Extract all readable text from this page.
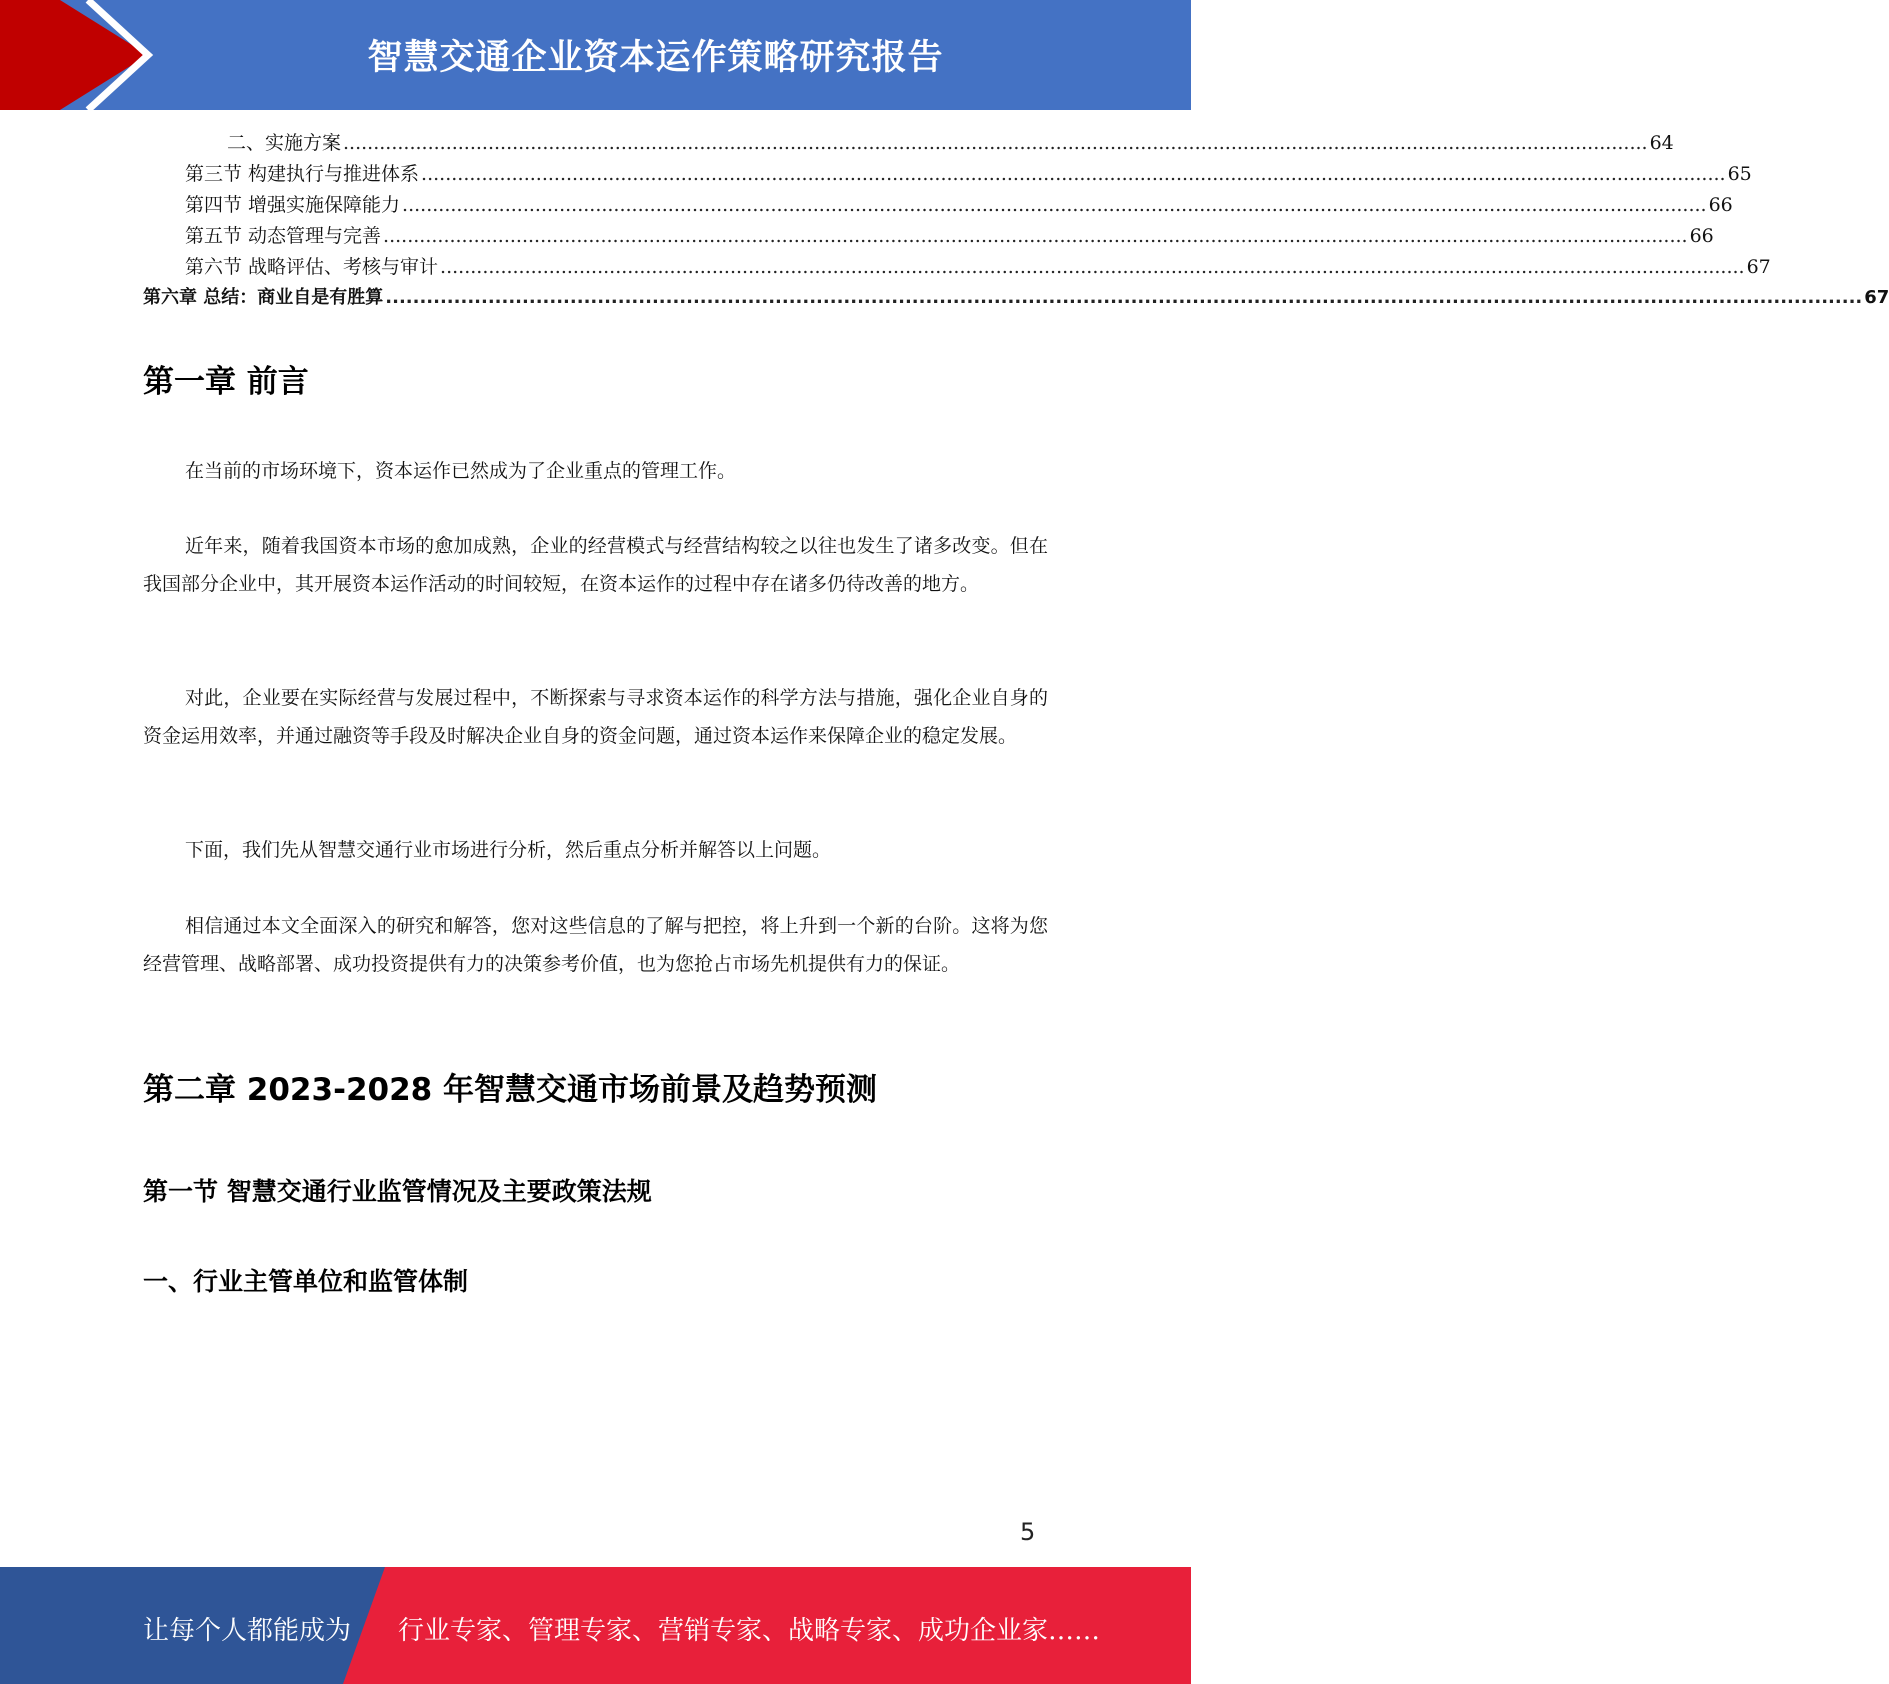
智慧交通企业资本运作策略研究报告
二、实施方案 ........................................................................................................................................................................................................................ 64
第三节 构建执行与推进体系 ........................................................................................................................................................................................................................ 65
第四节 增强实施保障能力 ........................................................................................................................................................................................................................ 66
第五节 动态管理与完善 ........................................................................................................................................................................................................................ 66
第六节 战略评估、考核与审计 ........................................................................................................................................................................................................................ 67
第六章 总结：商业自是有胜算 ........................................................................................................................................................................................................................ 67
第一章 前言

在当前的市场环境下，资本运作已然成为了企业重点的管理工作。

近年来，随着我国资本市场的愈加成熟，企业的经营模式与经营结构较之以往也发生了诸多改变。但在我国部分企业中，其开展资本运作活动的时间较短，在资本运作的过程中存在诸多仍待改善的地方。

对此，企业要在实际经营与发展过程中，不断探索与寻求资本运作的科学方法与措施，强化企业自身的资金运用效率，并通过融资等手段及时解决企业自身的资金问题，通过资本运作来保障企业的稳定发展。

下面，我们先从智慧交通行业市场进行分析，然后重点分析并解答以上问题。

相信通过本文全面深入的研究和解答，您对这些信息的了解与把控，将上升到一个新的台阶。这将为您经营管理、战略部署、成功投资提供有力的决策参考价值，也为您抢占市场先机提供有力的保证。

第二章 2023-2028 年智慧交通市场前景及趋势预测
第一节 智慧交通行业监管情况及主要政策法规
一、行业主管单位和监管体制
5
让每个人都能成为 行业专家、管理专家、营销专家、战略专家、成功企业家……
